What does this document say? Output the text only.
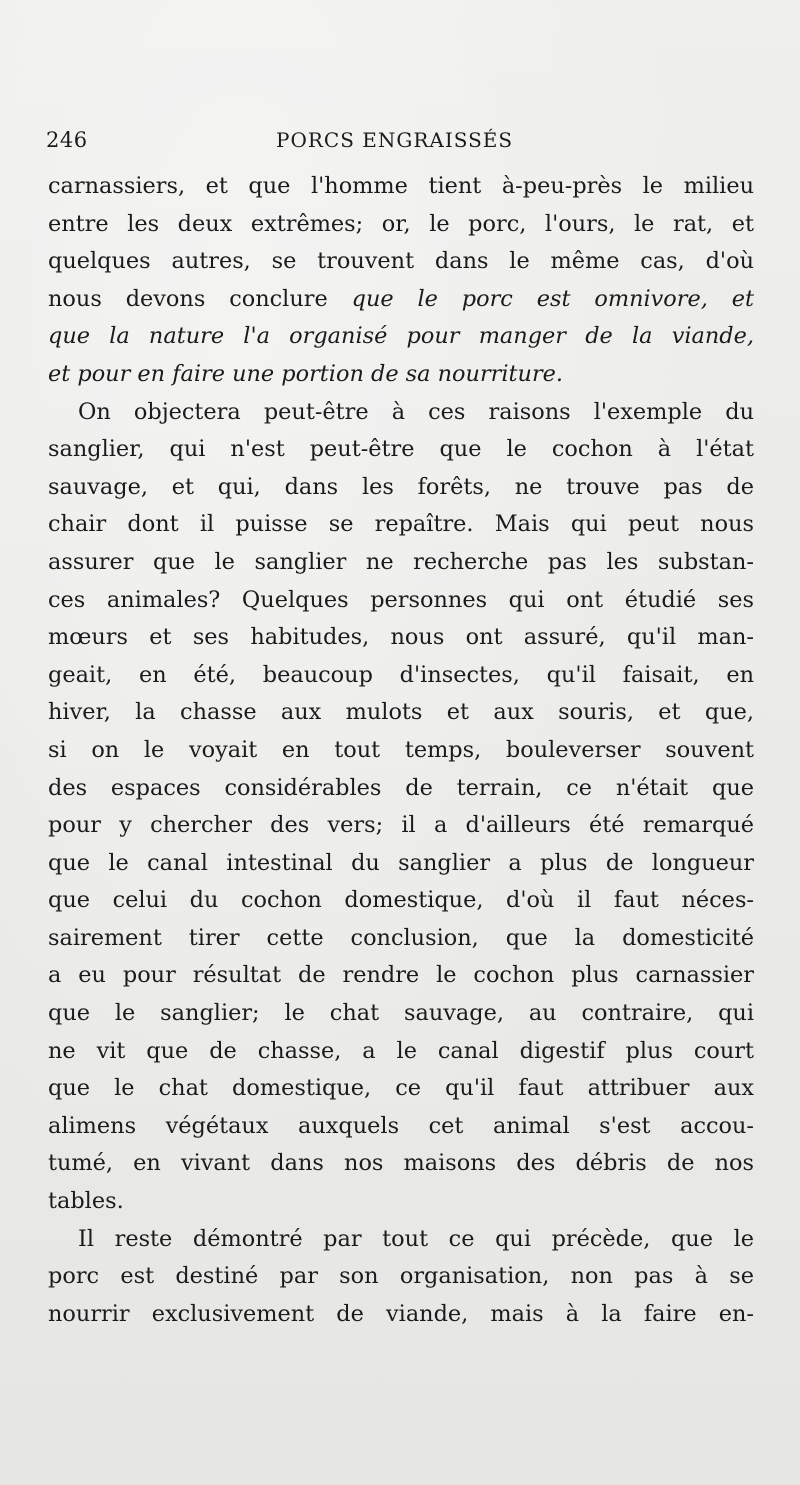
246	PORCS ENGRAISSÉS
carnassiers, et que l'homme tient à-peu-près le milieu
entre les deux extrêmes; or, le porc, l'ours, le rat, et
quelques autres, se trouvent dans le même cas, d'où
nous devons conclure que le porc est omnivore, et
que la nature l'a organisé pour manger de la viande,
et pour en faire une portion de sa nourriture.
On objectera peut-être à ces raisons l'exemple du
sanglier, qui n'est peut-être que le cochon à l'état
sauvage, et qui, dans les forêts, ne trouve pas de
chair dont il puisse se repaître. Mais qui peut nous
assurer que le sanglier ne recherche pas les substan-
ces animales? Quelques personnes qui ont étudié ses
mœurs et ses habitudes, nous ont assuré, qu'il man-
geait, en été, beaucoup d'insectes, qu'il faisait, en
hiver, la chasse aux mulots et aux souris, et que,
si on le voyait en tout temps, bouleverser souvent
des espaces considérables de terrain, ce n'était que
pour y chercher des vers; il a d'ailleurs été remarqué
que le canal intestinal du sanglier a plus de longueur
que celui du cochon domestique, d'où il faut néces-
sairement tirer cette conclusion, que la domesticité
a eu pour résultat de rendre le cochon plus carnassier
que le sanglier; le chat sauvage, au contraire, qui
ne vit que de chasse, a le canal digestif plus court
que le chat domestique, ce qu'il faut attribuer aux
alimens végétaux auxquels cet animal s'est accou-
tumé, en vivant dans nos maisons des débris de nos
tables.
Il reste démontré par tout ce qui précède, que le
porc est destiné par son organisation, non pas à se
nourrir exclusivement de viande, mais à la faire en-
